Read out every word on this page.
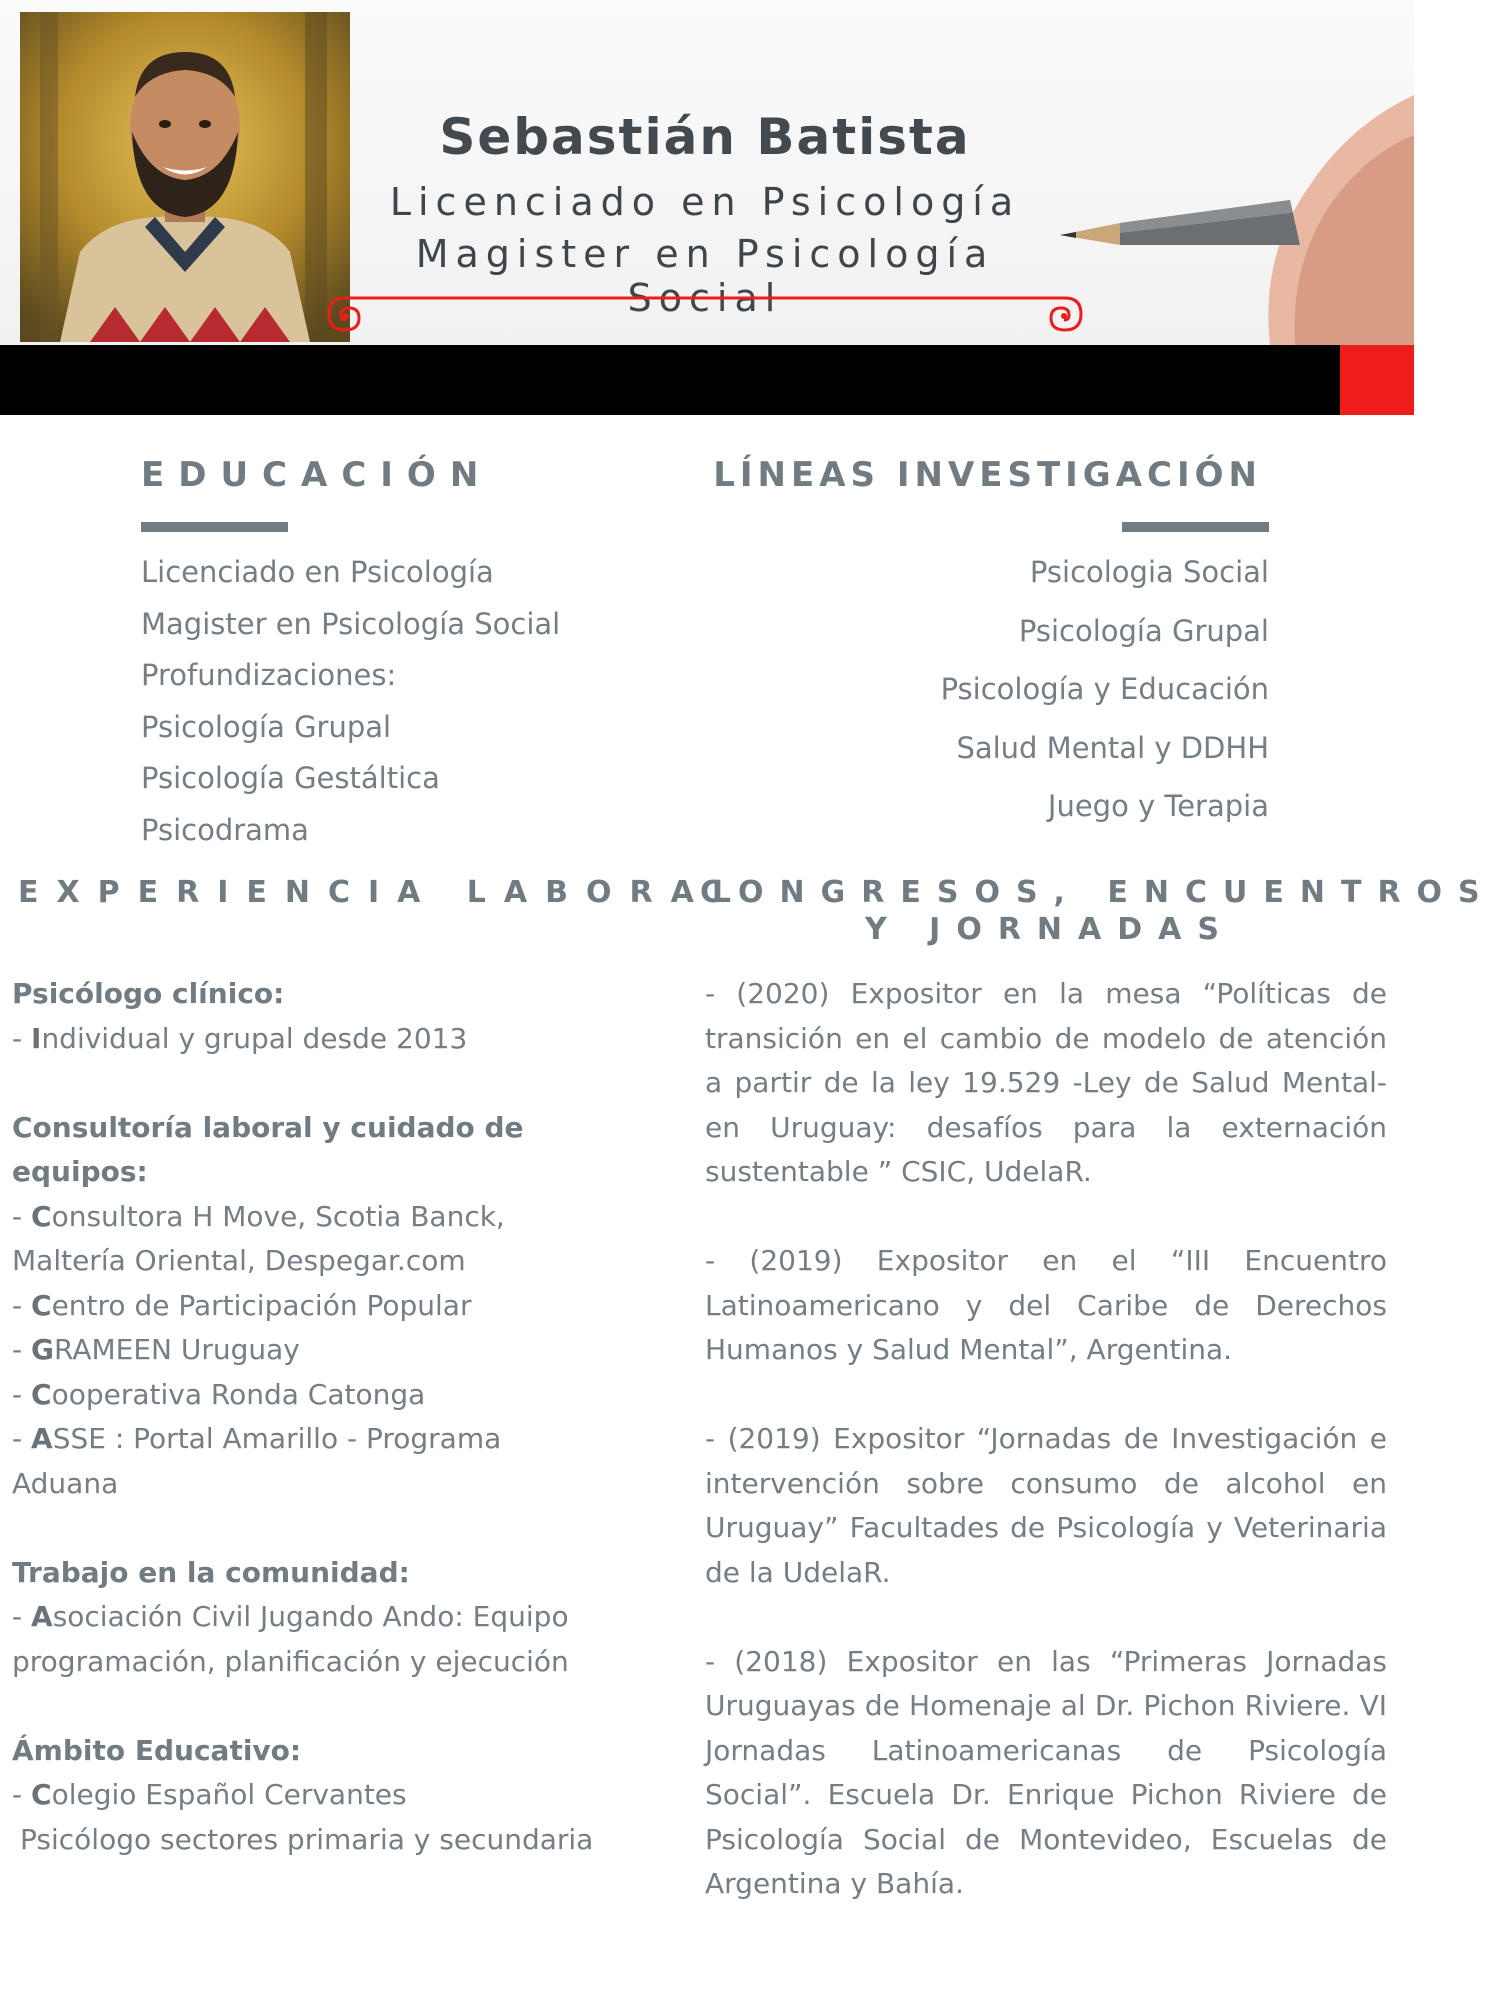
Sebastián Batista
Licenciado en Psicología
Magister en Psicología Social
EDUCACIÓN
Licenciado en Psicología
Magister en Psicología Social
Profundizaciones:
Psicología Grupal
Psicología Gestáltica
Psicodrama
LÍNEAS INVESTIGACIÓN
Psicologia Social
Psicología Grupal
Psicología y Educación
Salud Mental y DDHH
Juego y Terapia
EXPERIENCIA LABORAL
Psicólogo clínico:
- Individual y grupal desde 2013
Consultoría laboral y cuidado de equipos:
- Consultora H Move, Scotia Banck, Maltería Oriental, Despegar.com
- Centro de Participación Popular
- GRAMEEN Uruguay
- Cooperativa Ronda Catonga
- ASSE : Portal Amarillo - Programa Aduana
Trabajo en la comunidad:
- Asociación Civil Jugando Ando: Equipo programación, planificación y ejecución
Ámbito Educativo:
- Colegio Español Cervantes
Psicólogo sectores primaria y secundaria
CONGRESOS, ENCUENTROS
Y JORNADAS

- (2020) Expositor en la mesa “Políticas de transición en el cambio de modelo de atención a partir de la ley 19.529 -Ley de Salud Mental- en Uruguay: desafíos para la externación sustentable ” CSIC, UdelaR.

- (2019) Expositor en el “III Encuentro Latinoamericano y del Caribe de Derechos Humanos y Salud Mental”, Argentina.

- (2019) Expositor “Jornadas de Investigación e intervención sobre consumo de alcohol en Uruguay” Facultades de Psicología y Veterinaria de la UdelaR.

- (2018) Expositor en las “Primeras Jornadas Uruguayas de Homenaje al Dr. Pichon Riviere. VI Jornadas Latinoamericanas de Psicología Social”. Escuela Dr. Enrique Pichon Riviere de Psicología Social de Montevideo, Escuelas de Argentina y Bahía.
